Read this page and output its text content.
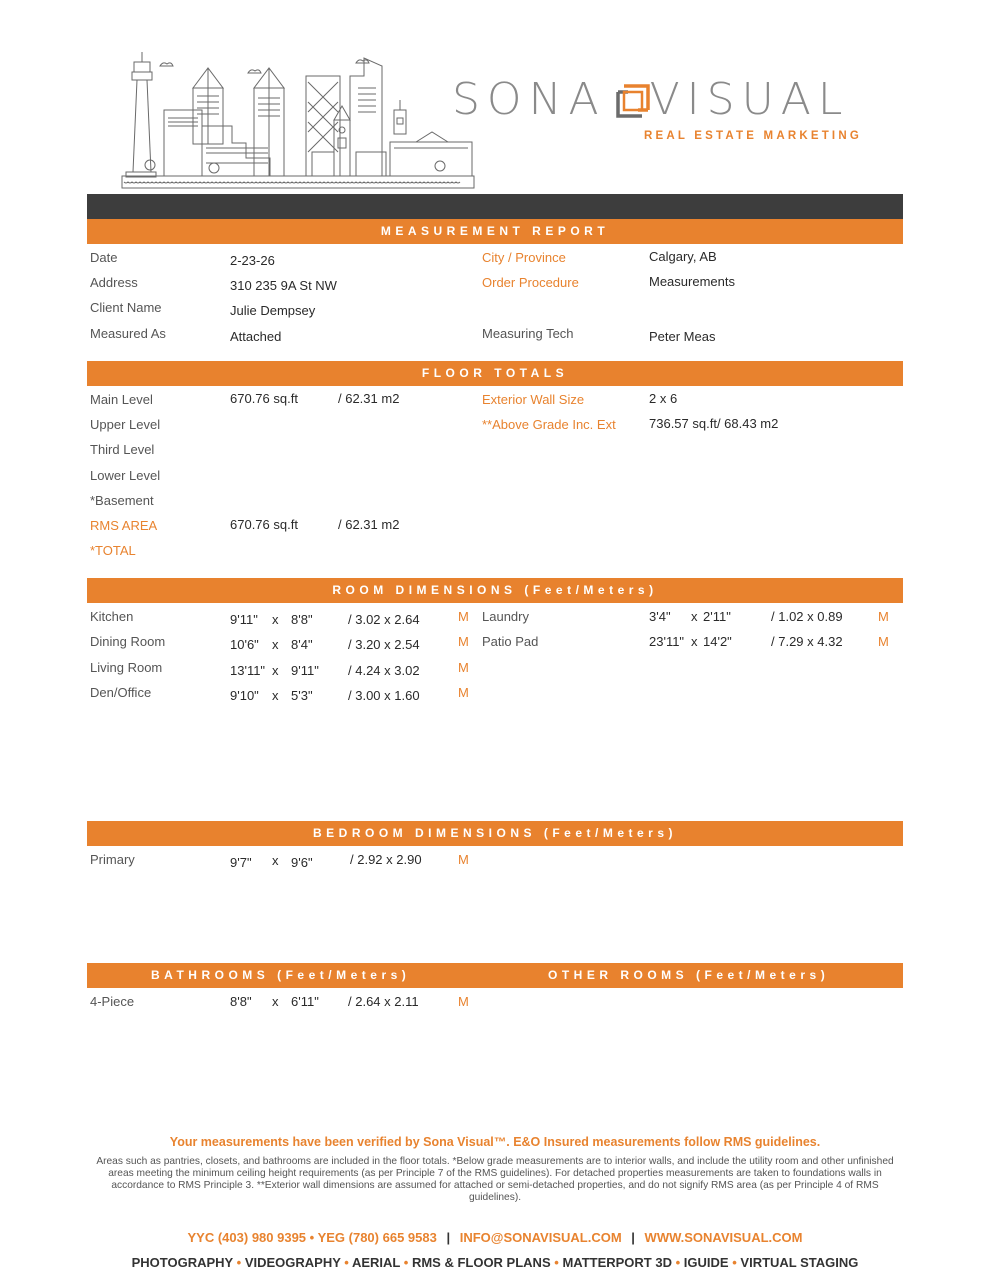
SONA VISUAL
REAL ESTATE MARKETING
MEASUREMENT REPORT
Date	2-23-26
Address	310 235 9A St NW
Client Name	Julie Dempsey
Measured As	Attached
City / Province	Calgary, AB
Order Procedure	Measurements
Measuring Tech	Peter Meas
FLOOR TOTALS
Main Level	670.76 sq.ft	/ 62.31 m2
Upper Level
Third Level
Lower Level
*Basement
RMS AREA	670.76 sq.ft	/ 62.31 m2
*TOTAL
Exterior Wall Size	2 x 6
**Above Grade Inc. Ext	736.57 sq.ft/ 68.43 m2
ROOM DIMENSIONS (Feet/Meters)
Kitchen	9'11" x 8'8"	/ 3.02 x 2.64	M
Dining Room	10'6" x 8'4"	/ 3.20 x 2.54	M
Living Room	13'11" x 9'11" / 4.24 x 3.02	M
Den/Office	9'10" x 5'3"	/ 3.00 x 1.60	M
Laundry	3'4" x 2'11"	/ 1.02 x 0.89	M
Patio Pad	23'11" x 14'2"	/ 7.29 x 4.32	M
BEDROOM DIMENSIONS (Feet/Meters)
Primary	9'7" x 9'6"	/ 2.92 x 2.90	M
BATHROOMS (Feet/Meters)	OTHER ROOMS (Feet/Meters)
4-Piece	8'8" x 6'11" / 2.64 x 2.11	M
Your measurements have been verified by Sona Visual™. E&O Insured measurements follow RMS guidelines.
Areas such as pantries, closets, and bathrooms are included in the floor totals. *Below grade measurements are to interior walls, and include the utility room and other unfinished areas meeting the minimum ceiling height requirements (as per Principle 7 of the RMS guidelines). For detached properties measurements are taken to foundations walls in accordance to RMS Principle 3. **Exterior wall dimensions are assumed for attached or semi-detached properties, and do not signify RMS area (as per Principle 4 of RMS guidelines).
YYC (403) 980 9395 • YEG (780) 665 9583 | INFO@SONAVISUAL.COM | WWW.SONAVISUAL.COM
PHOTOGRAPHY • VIDEOGRAPHY • AERIAL • RMS & FLOOR PLANS • MATTERPORT 3D • IGUIDE • VIRTUAL STAGING
